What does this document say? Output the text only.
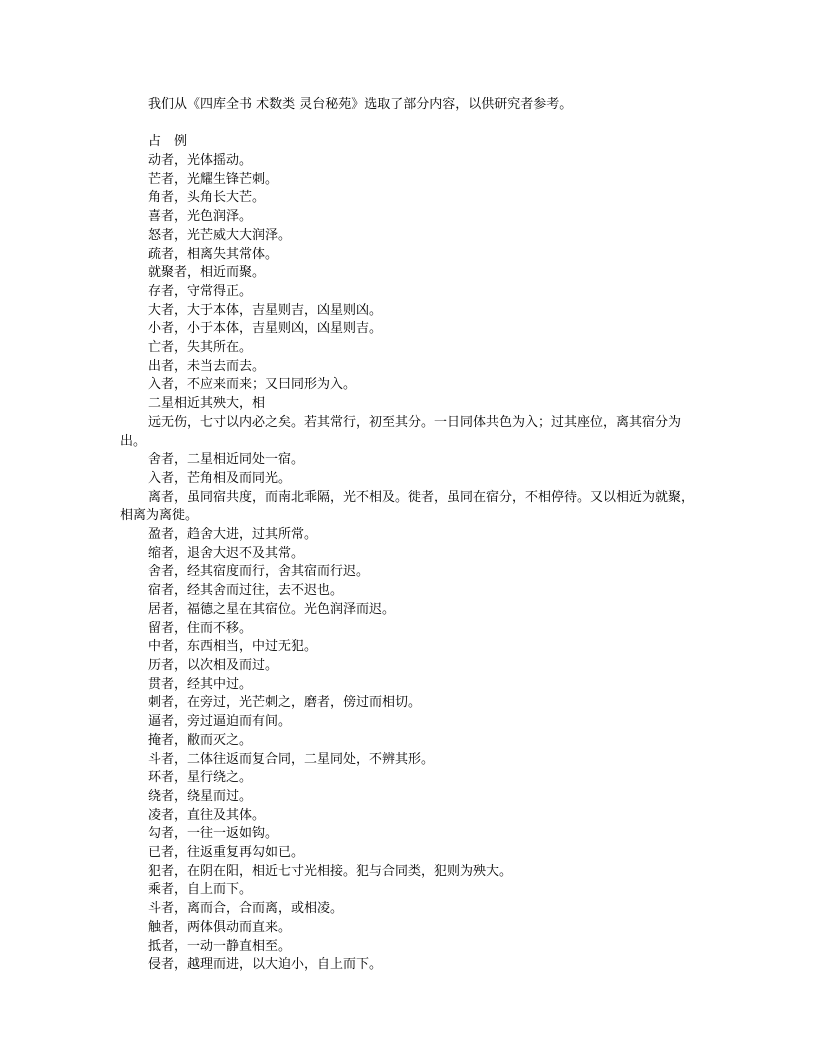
我们从《四库全书 术数类 灵台秘苑》选取了部分内容，以供研究者参考。
占　例

动者，光体摇动。

芒者，光耀生锋芒刺。

角者，头角长大芒。

喜者，光色润泽。

怒者，光芒威大大润泽。

疏者，相离失其常体。

就聚者，相近而聚。

存者，守常得正。

大者，大于本体，吉星则吉，凶星则凶。

小者，小于本体，吉星则凶，凶星则吉。

亡者，失其所在。

出者，未当去而去。

入者，不应来而来；又曰同形为入。

二星相近其殃大，相

远无伤，七寸以内必之矣。若其常行，初至其分。一日同体共色为入；过其座位，离其宿分为出。

舍者，二星相近同处一宿。

入者，芒角相及而同光。

离者，虽同宿共度，而南北乖隔，光不相及。徙者，虽同在宿分，不相停待。又以相近为就聚，相离为离徙。

盈者，趋舍大进，过其所常。

缩者，退舍大迟不及其常。

舍者，经其宿度而行，舍其宿而行迟。

宿者，经其舍而过往，去不迟也。

居者，福德之星在其宿位。光色润泽而迟。

留者，住而不移。

中者，东西相当，中过无犯。

历者，以次相及而过。

贯者，经其中过。

刺者，在旁过，光芒刺之，磨者，傍过而相切。

逼者，旁过逼迫而有间。

掩者，敝而灭之。

斗者，二体往返而复合同，二星同处，不辨其形。

环者，星行绕之。

绕者，绕星而过。

凌者，直往及其体。

勾者，一往一返如钩。

已者，往返重复再勾如已。

犯者，在阴在阳，相近七寸光相接。犯与合同类，犯则为殃大。

乘者，自上而下。

斗者，离而合，合而离，或相凌。

触者，两体俱动而直来。

抵者，一动一静直相至。

侵者，越理而进，以大迫小，自上而下。
